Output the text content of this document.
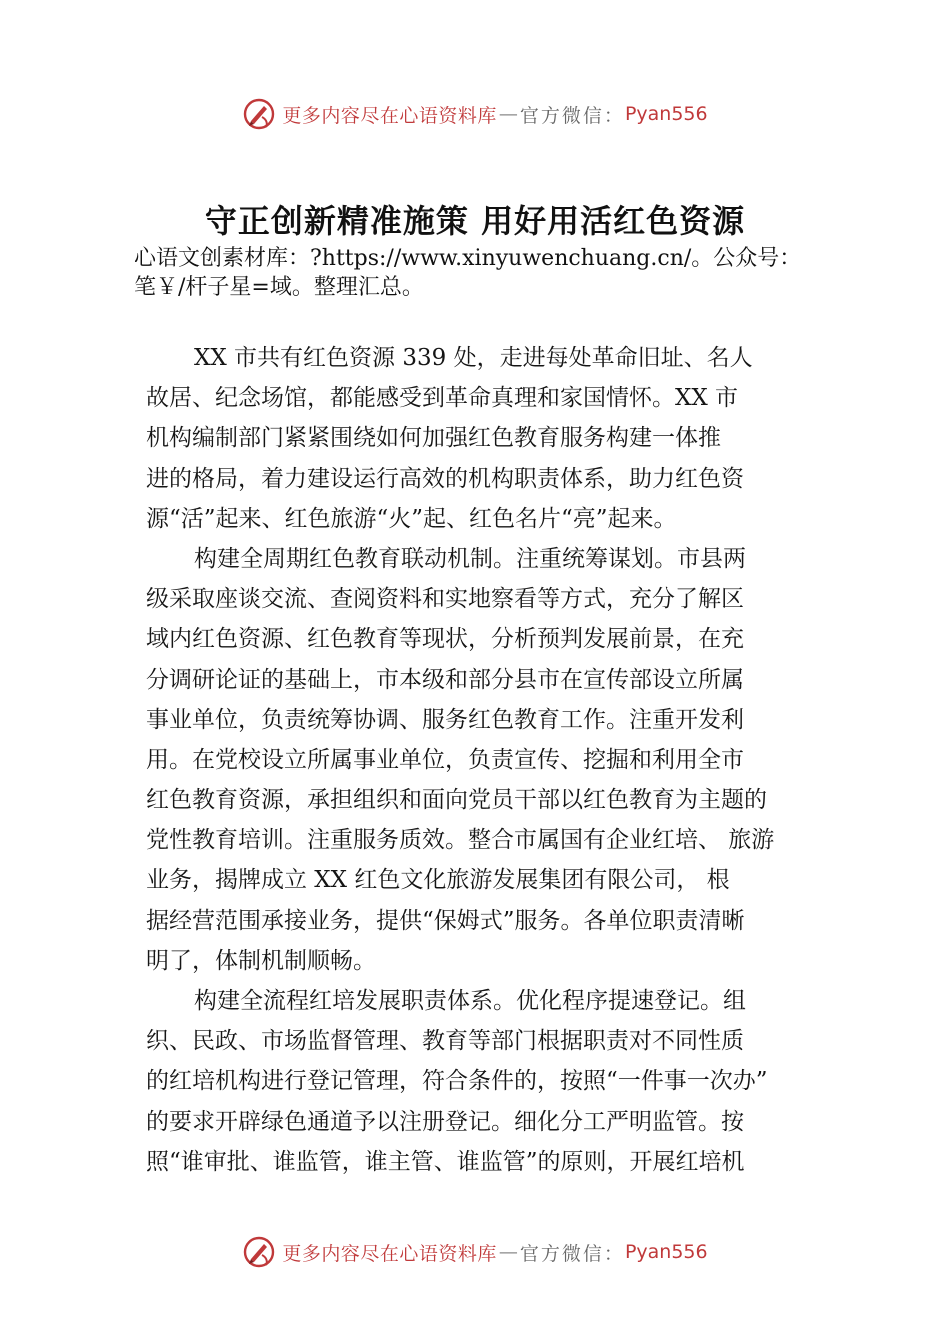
更多内容尽在心语资料库 — 官方微信： Pyan556
守正创新精准施策 用好用活红色资源
心语文创素材库：?https://www.xinyuwenchuang.cn/。公众号：
笔￥/杆子星=域。整理汇总。
XX 市共有红色资源 339 处，走进每处革命旧址、名人
故居、纪念场馆，都能感受到革命真理和家国情怀。XX 市
机构编制部门紧紧围绕如何加强红色教育服务构建一体推
进的格局，着力建设运行高效的机构职责体系，助力红色资
源“活”起来、红色旅游“火”起、红色名片“亮”起来。
构建全周期红色教育联动机制。注重统筹谋划。市县两
级采取座谈交流、查阅资料和实地察看等方式，充分了解区
域内红色资源、红色教育等现状，分析预判发展前景，在充
分调研论证的基础上，市本级和部分县市在宣传部设立所属
事业单位，负责统筹协调、服务红色教育工作。注重开发利
用。在党校设立所属事业单位，负责宣传、挖掘和利用全市
红色教育资源，承担组织和面向党员干部以红色教育为主题的
党性教育培训。注重服务质效。整合市属国有企业红培、 旅游
业务，揭牌成立 XX 红色文化旅游发展集团有限公司， 根
据经营范围承接业务，提供“保姆式”服务。各单位职责清晰
明了，体制机制顺畅。
构建全流程红培发展职责体系。优化程序提速登记。组
织、民政、市场监督管理、教育等部门根据职责对不同性质
的红培机构进行登记管理，符合条件的，按照“一件事一次办”
的要求开辟绿色通道予以注册登记。细化分工严明监管。按
照“谁审批、谁监管，谁主管、谁监管”的原则，开展红培机
更多内容尽在心语资料库 — 官方微信： Pyan556
